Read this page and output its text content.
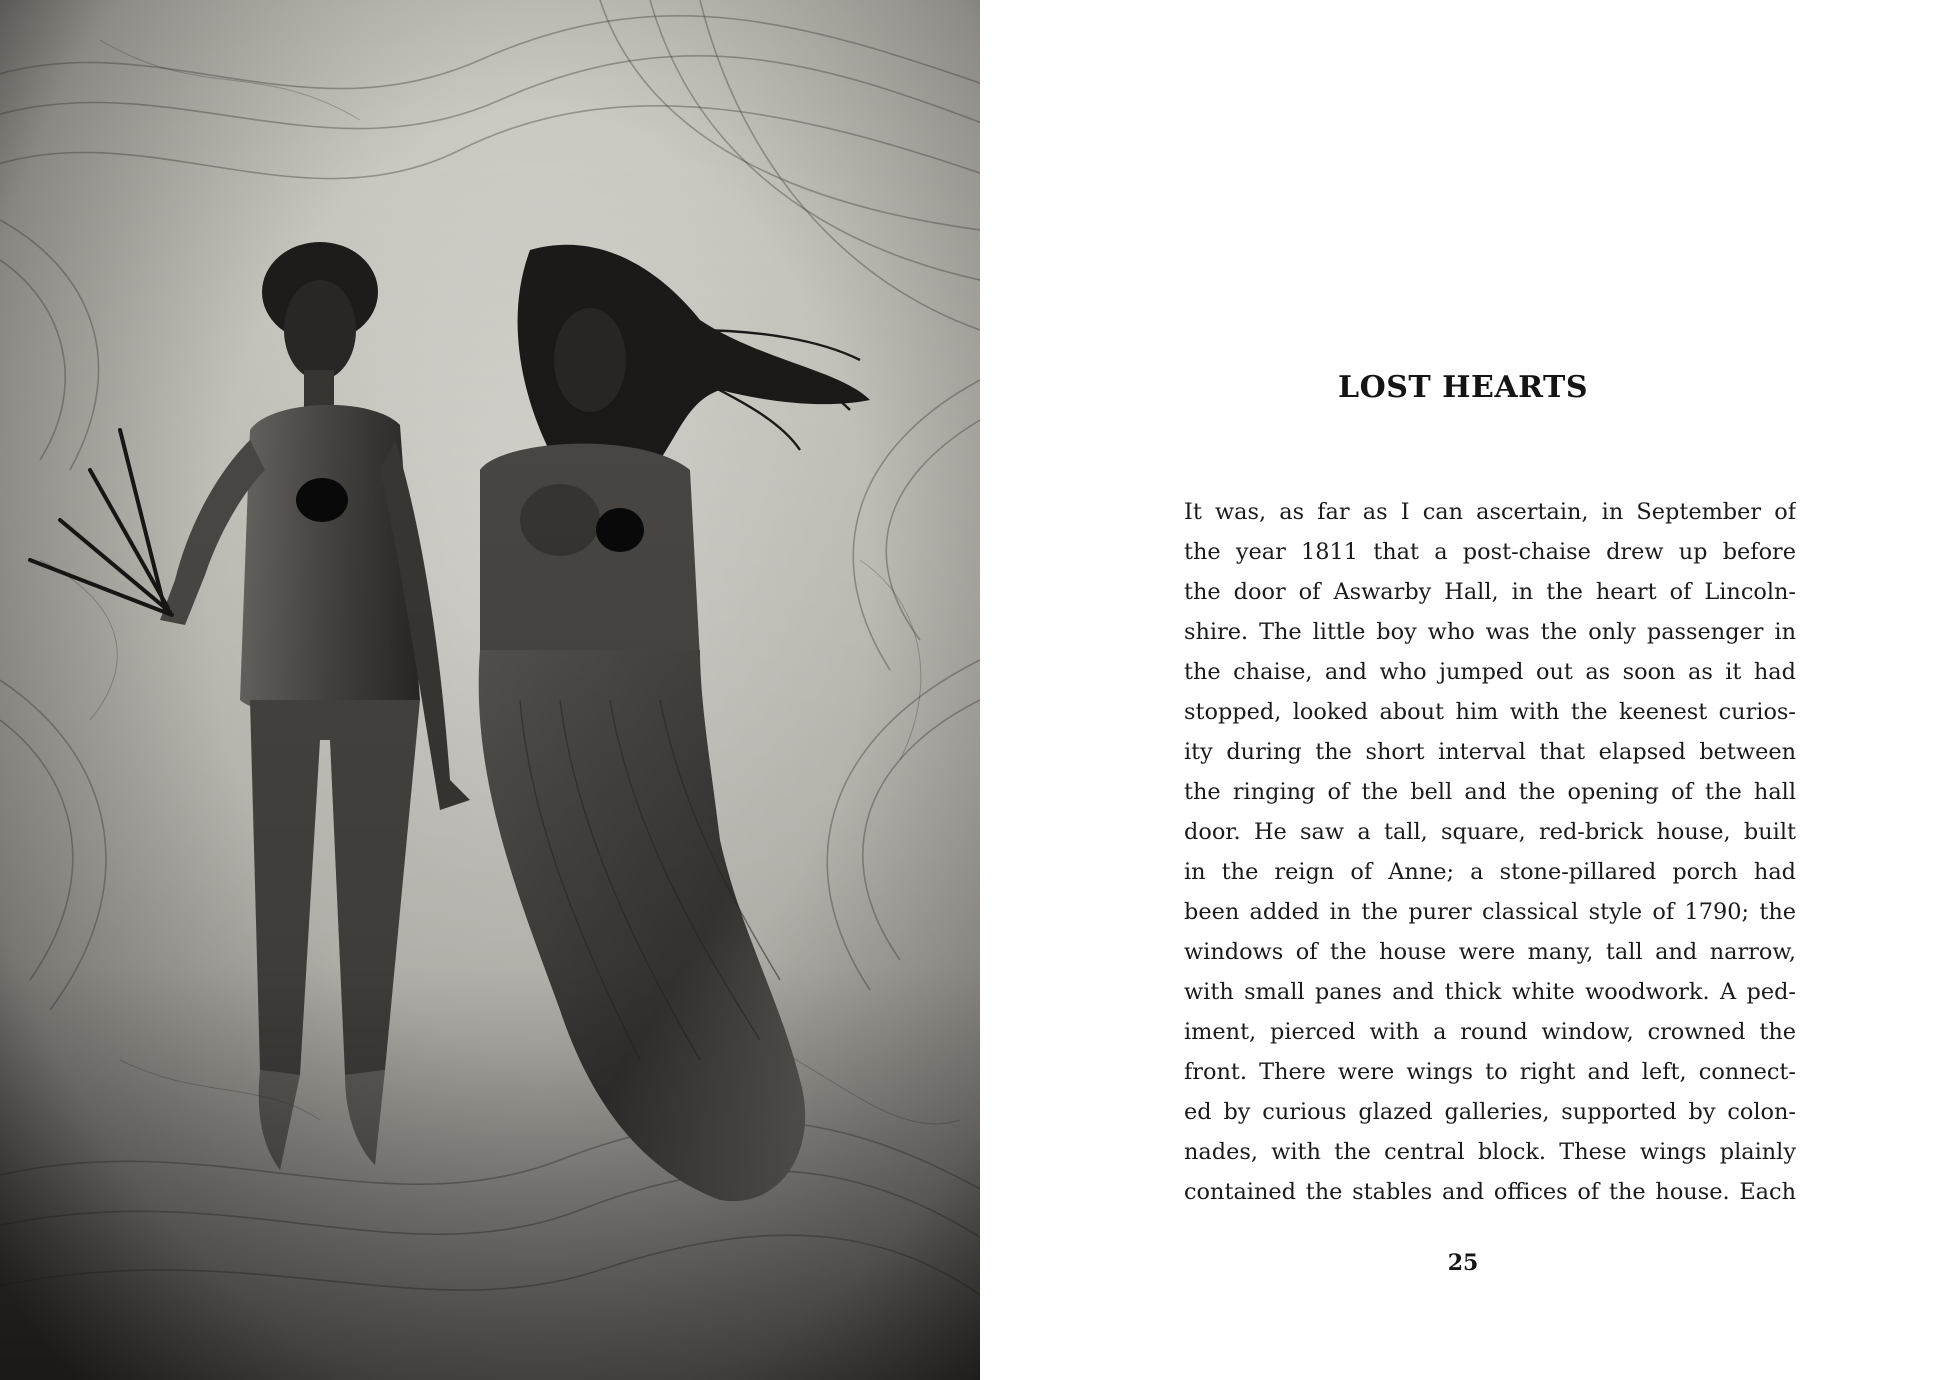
LOST HEARTS
It was, as far as I can ascertain, in September of
the year 1811 that a post-chaise drew up before
the door of Aswarby Hall, in the heart of Lincoln-
shire. The little boy who was the only passenger in
the chaise, and who jumped out as soon as it had
stopped, looked about him with the keenest curios-
ity during the short interval that elapsed between
the ringing of the bell and the opening of the hall
door. He saw a tall, square, red-brick house, built
in the reign of Anne; a stone-pillared porch had
been added in the purer classical style of 1790; the
windows of the house were many, tall and narrow,
with small panes and thick white woodwork. A ped-
iment, pierced with a round window, crowned the
front. There were wings to right and left, connect-
ed by curious glazed galleries, supported by colon-
nades, with the central block. These wings plainly
contained the stables and offices of the house. Each
25
